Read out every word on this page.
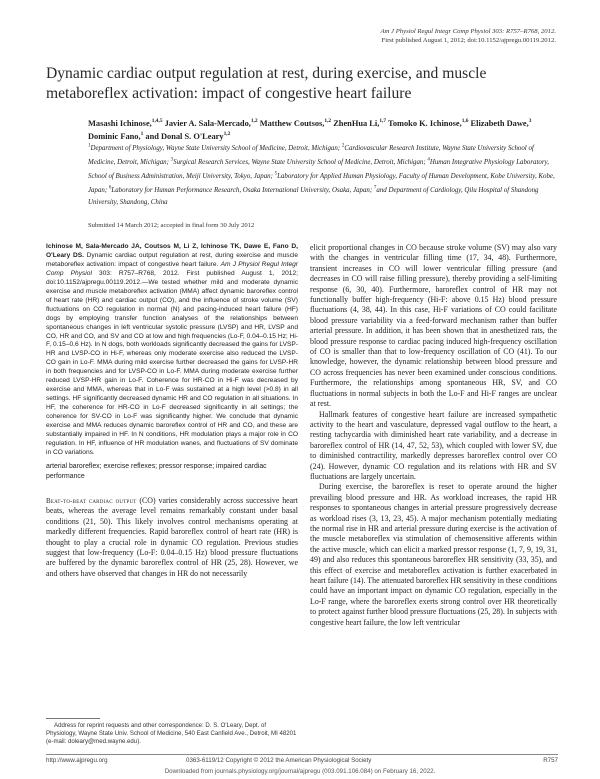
Am J Physiol Regul Integr Comp Physiol 303: R757–R768, 2012.
First published August 1, 2012; doi:10.1152/ajpregu.00119.2012.
Dynamic cardiac output regulation at rest, during exercise, and muscle metaboreflex activation: impact of congestive heart failure
Masashi Ichinose,$^{1,4,5}$ Javier A. Sala-Mercado,$^{1,2}$ Matthew Coutsos,$^{1,2}$ ZhenHua Li,$^{1,7}$ Tomoko K. Ichinose,$^{1,6}$ Elizabeth Dawe,$^3$ Dominic Fano,$^1$ and Donal S. O'Leary$^{1,2}$
$^1$Department of Physiology, Wayne State University School of Medicine, Detroit, Michigan; $^2$Cardiovascular Research Institute, Wayne State University School of Medicine, Detroit, Michigan; $^3$Surgical Research Services, Wayne State University School of Medicine, Detroit, Michigan; $^4$Human Integrative Physiology Laboratory, School of Business Administration, Meiji University, Tokyo, Japan; $^5$Laboratory for Applied Human Physiology, Faculty of Human Development, Kobe University, Kobe, Japan; $^6$Laboratory for Human Performance Research, Osaka International University, Osaka, Japan; $^7$and Department of Cardiology, Qilu Hospital of Shandong University, Shandong, China
Submitted 14 March 2012; accepted in final form 30 July 2012
Ichinose M, Sala-Mercado JA, Coutsos M, Li Z, Ichinose TK, Dawe E, Fano D, O'Leary DS. Dynamic cardiac output regulation at rest, during exercise and muscle metaboreflex activation: impact of congestive heart failure. Am J Physiol Regul Integr Comp Physiol 303: R757–R768, 2012. First published August 1, 2012; doi:10.1152/ajpregu.00119.2012.—We tested whether mild and moderate dynamic exercise and muscle metaboreflex activation (MMA) affect dynamic baroreflex control of heart rate (HR) and cardiac output (CO), and the influence of stroke volume (SV) fluctuations on CO regulation in normal (N) and pacing-induced heart failure (HF) dogs by employing transfer function analyses of the relationships between spontaneous changes in left ventricular systolic pressure (LVSP) and HR, LVSP and CO, HR and CO, and SV and CO at low and high frequencies (Lo-F, 0.04–0.15 Hz; Hi-F, 0.15–0.6 Hz). In N dogs, both workloads significantly decreased the gains for LVSP-HR and LVSP-CO in Hi-F, whereas only moderate exercise also reduced the LVSP-CO gain in Lo-F. MMA during mild exercise further decreased the gains for LVSP-HR in both frequencies and for LVSP-CO in Lo-F. MMA during moderate exercise further reduced LVSP-HR gain in Lo-F. Coherence for HR-CO in Hi-F was decreased by exercise and MMA, whereas that in Lo-F was sustained at a high level (>0.8) in all settings. HF significantly decreased dynamic HR and CO regulation in all situations. In HF, the coherence for HR-CO in Lo-F decreased significantly in all settings; the coherence for SV-CO in Lo-F was significantly higher. We conclude that dynamic exercise and MMA reduces dynamic baroreflex control of HR and CO, and these are substantially impaired in HF. In N conditions, HR modulation plays a major role in CO regulation. In HF, influence of HR modulation wanes, and fluctuations of SV dominate in CO variations.
arterial baroreflex; exercise reflexes; pressor response; impaired cardiac performance

Beat-to-beat cardiac output (CO) varies considerably across successive heart beats, whereas the average level remains remarkably constant under basal conditions (21, 50). This likely involves control mechanisms operating at markedly different frequencies. Rapid baroreflex control of heart rate (HR) is thought to play a crucial role in dynamic CO regulation. Previous studies suggest that low-frequency (Lo-F: 0.04–0.15 Hz) blood pressure fluctuations are buffered by the dynamic baroreflex control of HR (25, 28). However, we and others have observed that changes in HR do not necessarily

elicit proportional changes in CO because stroke volume (SV) may also vary with the changes in ventricular filling time (17, 34, 48). Furthermore, transient increases in CO will lower ventricular filling pressure (and decreases in CO will raise filling pressure), thereby providing a self-limiting response (6, 30, 40). Furthermore, baroreflex control of HR may not functionally buffer high-frequency (Hi-F: above 0.15 Hz) blood pressure fluctuations (4, 38, 44). In this case, Hi-F variations of CO could facilitate blood pressure variability via a feed-forward mechanism rather than buffer arterial pressure. In addition, it has been shown that in anesthetized rats, the blood pressure response to cardiac pacing induced high-frequency oscillation of CO is smaller than that to low-frequency oscillation of CO (41). To our knowledge, however, the dynamic relationship between blood pressure and CO across frequencies has never been examined under conscious conditions. Furthermore, the relationships among spontaneous HR, SV, and CO fluctuations in normal subjects in both the Lo-F and Hi-F ranges are unclear at rest.

Hallmark features of congestive heart failure are increased sympathetic activity to the heart and vasculature, depressed vagal outflow to the heart, a resting tachycardia with diminished heart rate variability, and a decrease in baroreflex control of HR (14, 47, 52, 53), which coupled with lower SV, due to diminished contractility, markedly depresses baroreflex control over CO (24). However, dynamic CO regulation and its relations with HR and SV fluctuations are largely uncertain.

During exercise, the baroreflex is reset to operate around the higher prevailing blood pressure and HR. As workload increases, the rapid HR responses to spontaneous changes in arterial pressure progressively decrease as workload rises (3, 13, 23, 45). A major mechanism potentially mediating the normal rise in HR and arterial pressure during exercise is the activation of the muscle metaboreflex via stimulation of chemosensitive afferents within the active muscle, which can elicit a marked pressor response (1, 7, 9, 19, 31, 49) and also reduces this spontaneous baroreflex HR sensitivity (33, 35), and this effect of exercise and metaboreflex activation is further exacerbated in heart failure (14). The attenuated baroreflex HR sensitivity in these conditions could have an important impact on dynamic CO regulation, especially in the Lo-F range, where the baroreflex exerts strong control over HR theoretically to protect against further blood pressure fluctuations (25, 28). In subjects with congestive heart failure, the low left ventricular

Address for reprint requests and other correspondence: D. S. O'Leary, Dept. of Physiology, Wayne State Univ. School of Medicine, 540 East Canfield Ave., Detroit, MI 48201 (e-mail: doleary@med.wayne.edu).

http://www.ajpregu.org	0363-6119/12 Copyright © 2012 the American Physiological Society	R757
Downloaded from journals.physiology.org/journal/ajpregu (003.091.106.084) on February 16, 2022.
